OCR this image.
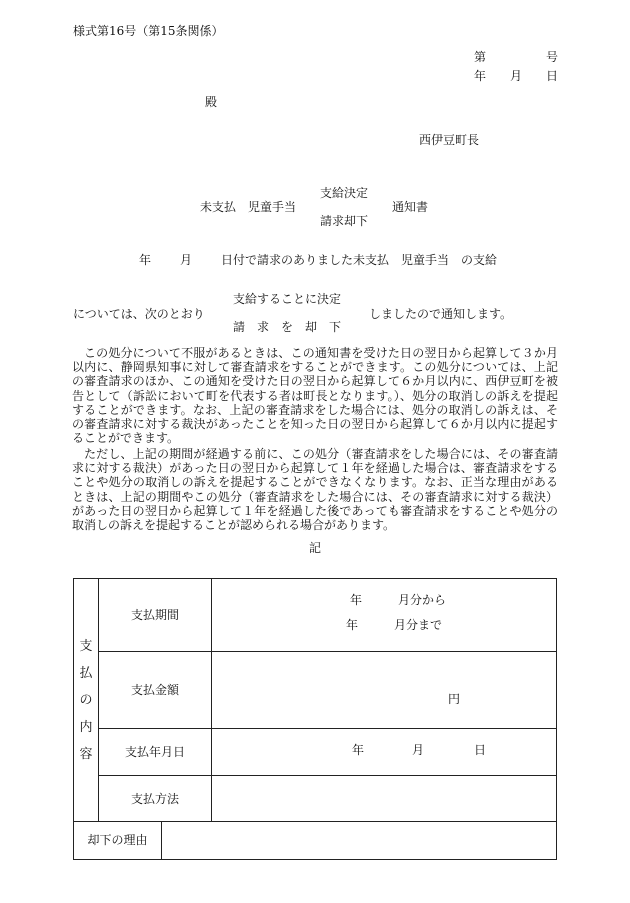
様式第16号（第15条関係）
第	号
年 月 日
殿
西伊豆町長
未支払　児童手当
支給決定
請求却下
通知書
年 月 日付で請求のありました未支払　児童手当　の支給
については、次のとおり
支給することに決定
請　求　を　却　下
しましたので通知します。
この処分について不服があるときは、この通知書を受けた日の翌日から起算して３か月以内に、静岡県知事に対して審査請求をすることができます。この処分については、上記の審査請求のほか、この通知を受けた日の翌日から起算して６か月以内に、西伊豆町を被告として（訴訟において町を代表する者は町長となります。）、処分の取消しの訴えを提起することができます。なお、上記の審査請求をした場合には、処分の取消しの訴えは、その審査請求に対する裁決があったことを知った日の翌日から起算して６か月以内に提起することができます。
ただし、上記の期間が経過する前に、この処分（審査請求をした場合には、その審査請求に対する裁決）があった日の翌日から起算して１年を経過した場合は、審査請求をすることや処分の取消しの訴えを提起することができなくなります。なお、正当な理由があるときは、上記の期間やこの処分（審査請求をした場合には、その審査請求に対する裁決）があった日の翌日から起算して１年を経過した後であっても審査請求をすることや処分の取消しの訴えを提起することが認められる場合があります。
記
支
払
の
内
容	支払期間	年 月分から
年 月分まで

	支払金額	円

	支払年月日	年 月 日

	支払方法	
却下の理由
